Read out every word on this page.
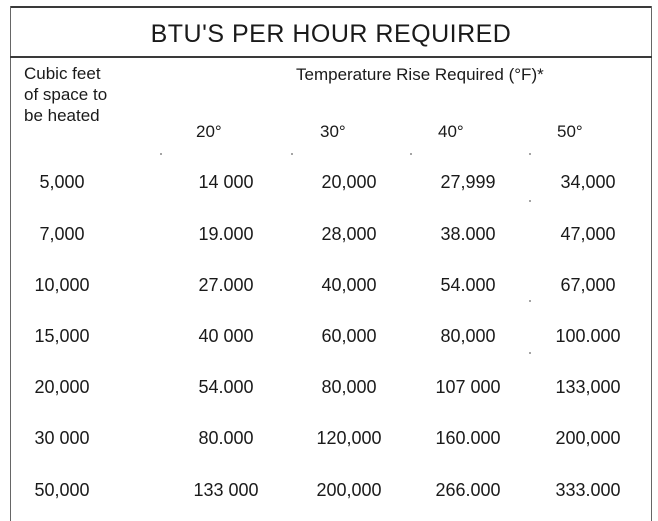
BTU'S PER HOUR REQUIRED
Cubic feet
of space to
be heated
Temperature Rise Required (°F)*
20°	30°	40°	50°
5,000	14 000	20,000	27,999	34,000
7,000	19.000	28,000	38.000	47,000
10,000	27.000	40,000	54.000	67,000
15,000	40 000	60,000	80,000	100.000
20,000	54.000	80,000	107 000	133,000
30 000	80.000	120,000	160.000	200,000
50,000	133 000	200,000	266.000	333.000
